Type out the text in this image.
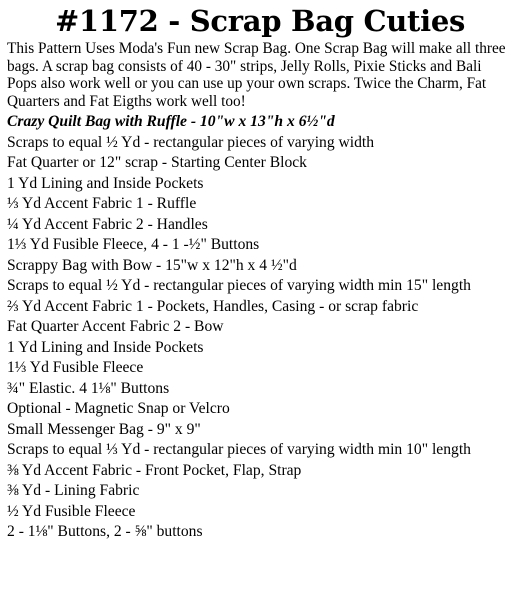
#1172 - Scrap Bag Cuties

This Pattern Uses Moda's Fun new Scrap Bag. One Scrap Bag will make all three bags. A scrap bag consists of 40 - 30" strips, Jelly Rolls, Pixie Sticks and Bali Pops also work well or you can use up your own scraps. Twice the Charm, Fat Quarters and Fat Eigths work well too!

Crazy Quilt Bag with Ruffle - 10"w x 13"h x 6½"d

Scraps to equal ½ Yd - rectangular pieces of varying width

Fat Quarter or 12" scrap - Starting Center Block

1 Yd Lining and Inside Pockets

⅓ Yd Accent Fabric 1 - Ruffle

¼ Yd Accent Fabric 2 - Handles

1⅓ Yd Fusible Fleece, 4 - 1 -½" Buttons

Scrappy Bag with Bow - 15"w x 12"h x 4 ½"d

Scraps to equal ½ Yd - rectangular pieces of varying width min 15" length

⅔ Yd Accent Fabric 1 - Pockets, Handles, Casing - or scrap fabric

Fat Quarter Accent Fabric 2 - Bow

1 Yd Lining and Inside Pockets

1⅓ Yd Fusible Fleece

¾" Elastic. 4 1⅛" Buttons

Optional - Magnetic Snap or Velcro

Small Messenger Bag - 9" x 9"

Scraps to equal ⅓ Yd - rectangular pieces of varying width min 10" length

⅜ Yd Accent Fabric - Front Pocket, Flap, Strap

⅜ Yd - Lining Fabric

½ Yd Fusible Fleece

2 - 1⅛" Buttons, 2 - ⅝" buttons
